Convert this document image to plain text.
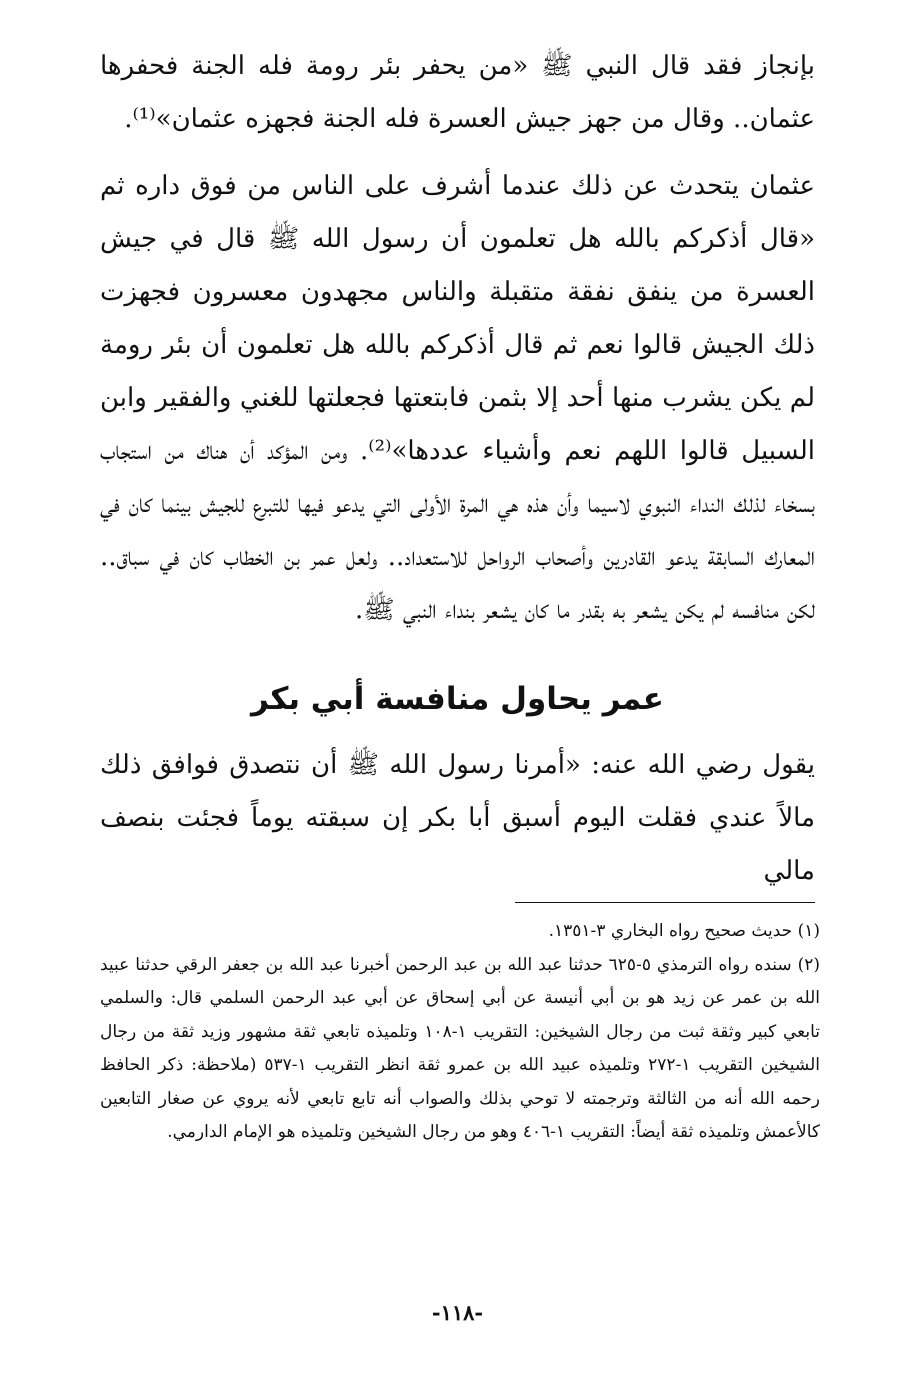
بإنجاز فقد قال النبي ﷺ «من يحفر بئر رومة فله الجنة فحفرها عثمان.. وقال من جهز جيش العسرة فله الجنة فجهزه عثمان»⁽¹⁾.

عثمان يتحدث عن ذلك عندما أشرف على الناس من فوق داره ثم «قال أذكركم بالله هل تعلمون أن رسول الله ﷺ قال في جيش العسرة من ينفق نفقة متقبلة والناس مجهدون معسرون فجهزت ذلك الجيش قالوا نعم ثم قال أذكركم بالله هل تعلمون أن بئر رومة لم يكن يشرب منها أحد إلا بثمن فابتعتها فجعلتها للغني والفقير وابن السبيل قالوا اللهم نعم وأشياء عددها»⁽²⁾. ومن المؤكد أن هناك من استجاب بسخاء لذلك النداء النبوي لاسيما وأن هذه هي المرة الأولى التي يدعو فيها للتبرع للجيش بينما كان في المعارك السابقة يدعو القادرين وأصحاب الرواحل للاستعداد.. ولعل عمر بن الخطاب كان في سباق.. لكن منافسه لم يكن يشعر به بقدر ما كان يشعر بنداء النبي ﷺ.

عمر يحاول منافسة أبي بكر

يقول رضي الله عنه: «أمرنا رسول الله ﷺ أن نتصدق فوافق ذلك مالاً عندي فقلت اليوم أسبق أبا بكر إن سبقته يوماً فجئت بنصف مالي

(١) حديث صحيح رواه البخاري ٣-١٣٥١.

(٢) سنده رواه الترمذي ٥-٦٢٥ حدثنا عبد الله بن عبد الرحمن أخبرنا عبد الله بن جعفر الرقي حدثنا عبيد الله بن عمر عن زيد هو بن أبي أنيسة عن أبي إسحاق عن أبي عبد الرحمن السلمي قال: والسلمي تابعي كبير وثقة ثبت من رجال الشيخين: التقريب ١-١٠٨ وتلميذه تابعي ثقة مشهور وزيد ثقة من رجال الشيخين التقريب ١-٢٧٢ وتلميذه عبيد الله بن عمرو ثقة انظر التقريب ١-٥٣٧ (ملاحظة: ذكر الحافظ رحمه الله أنه من الثالثة وترجمته لا توحي بذلك والصواب أنه تابع تابعي لأنه يروي عن صغار التابعين كالأعمش وتلميذه ثقة أيضاً: التقريب ١-٤٠٦ وهو من رجال الشيخين وتلميذه هو الإمام الدارمي.

-١١٨-
